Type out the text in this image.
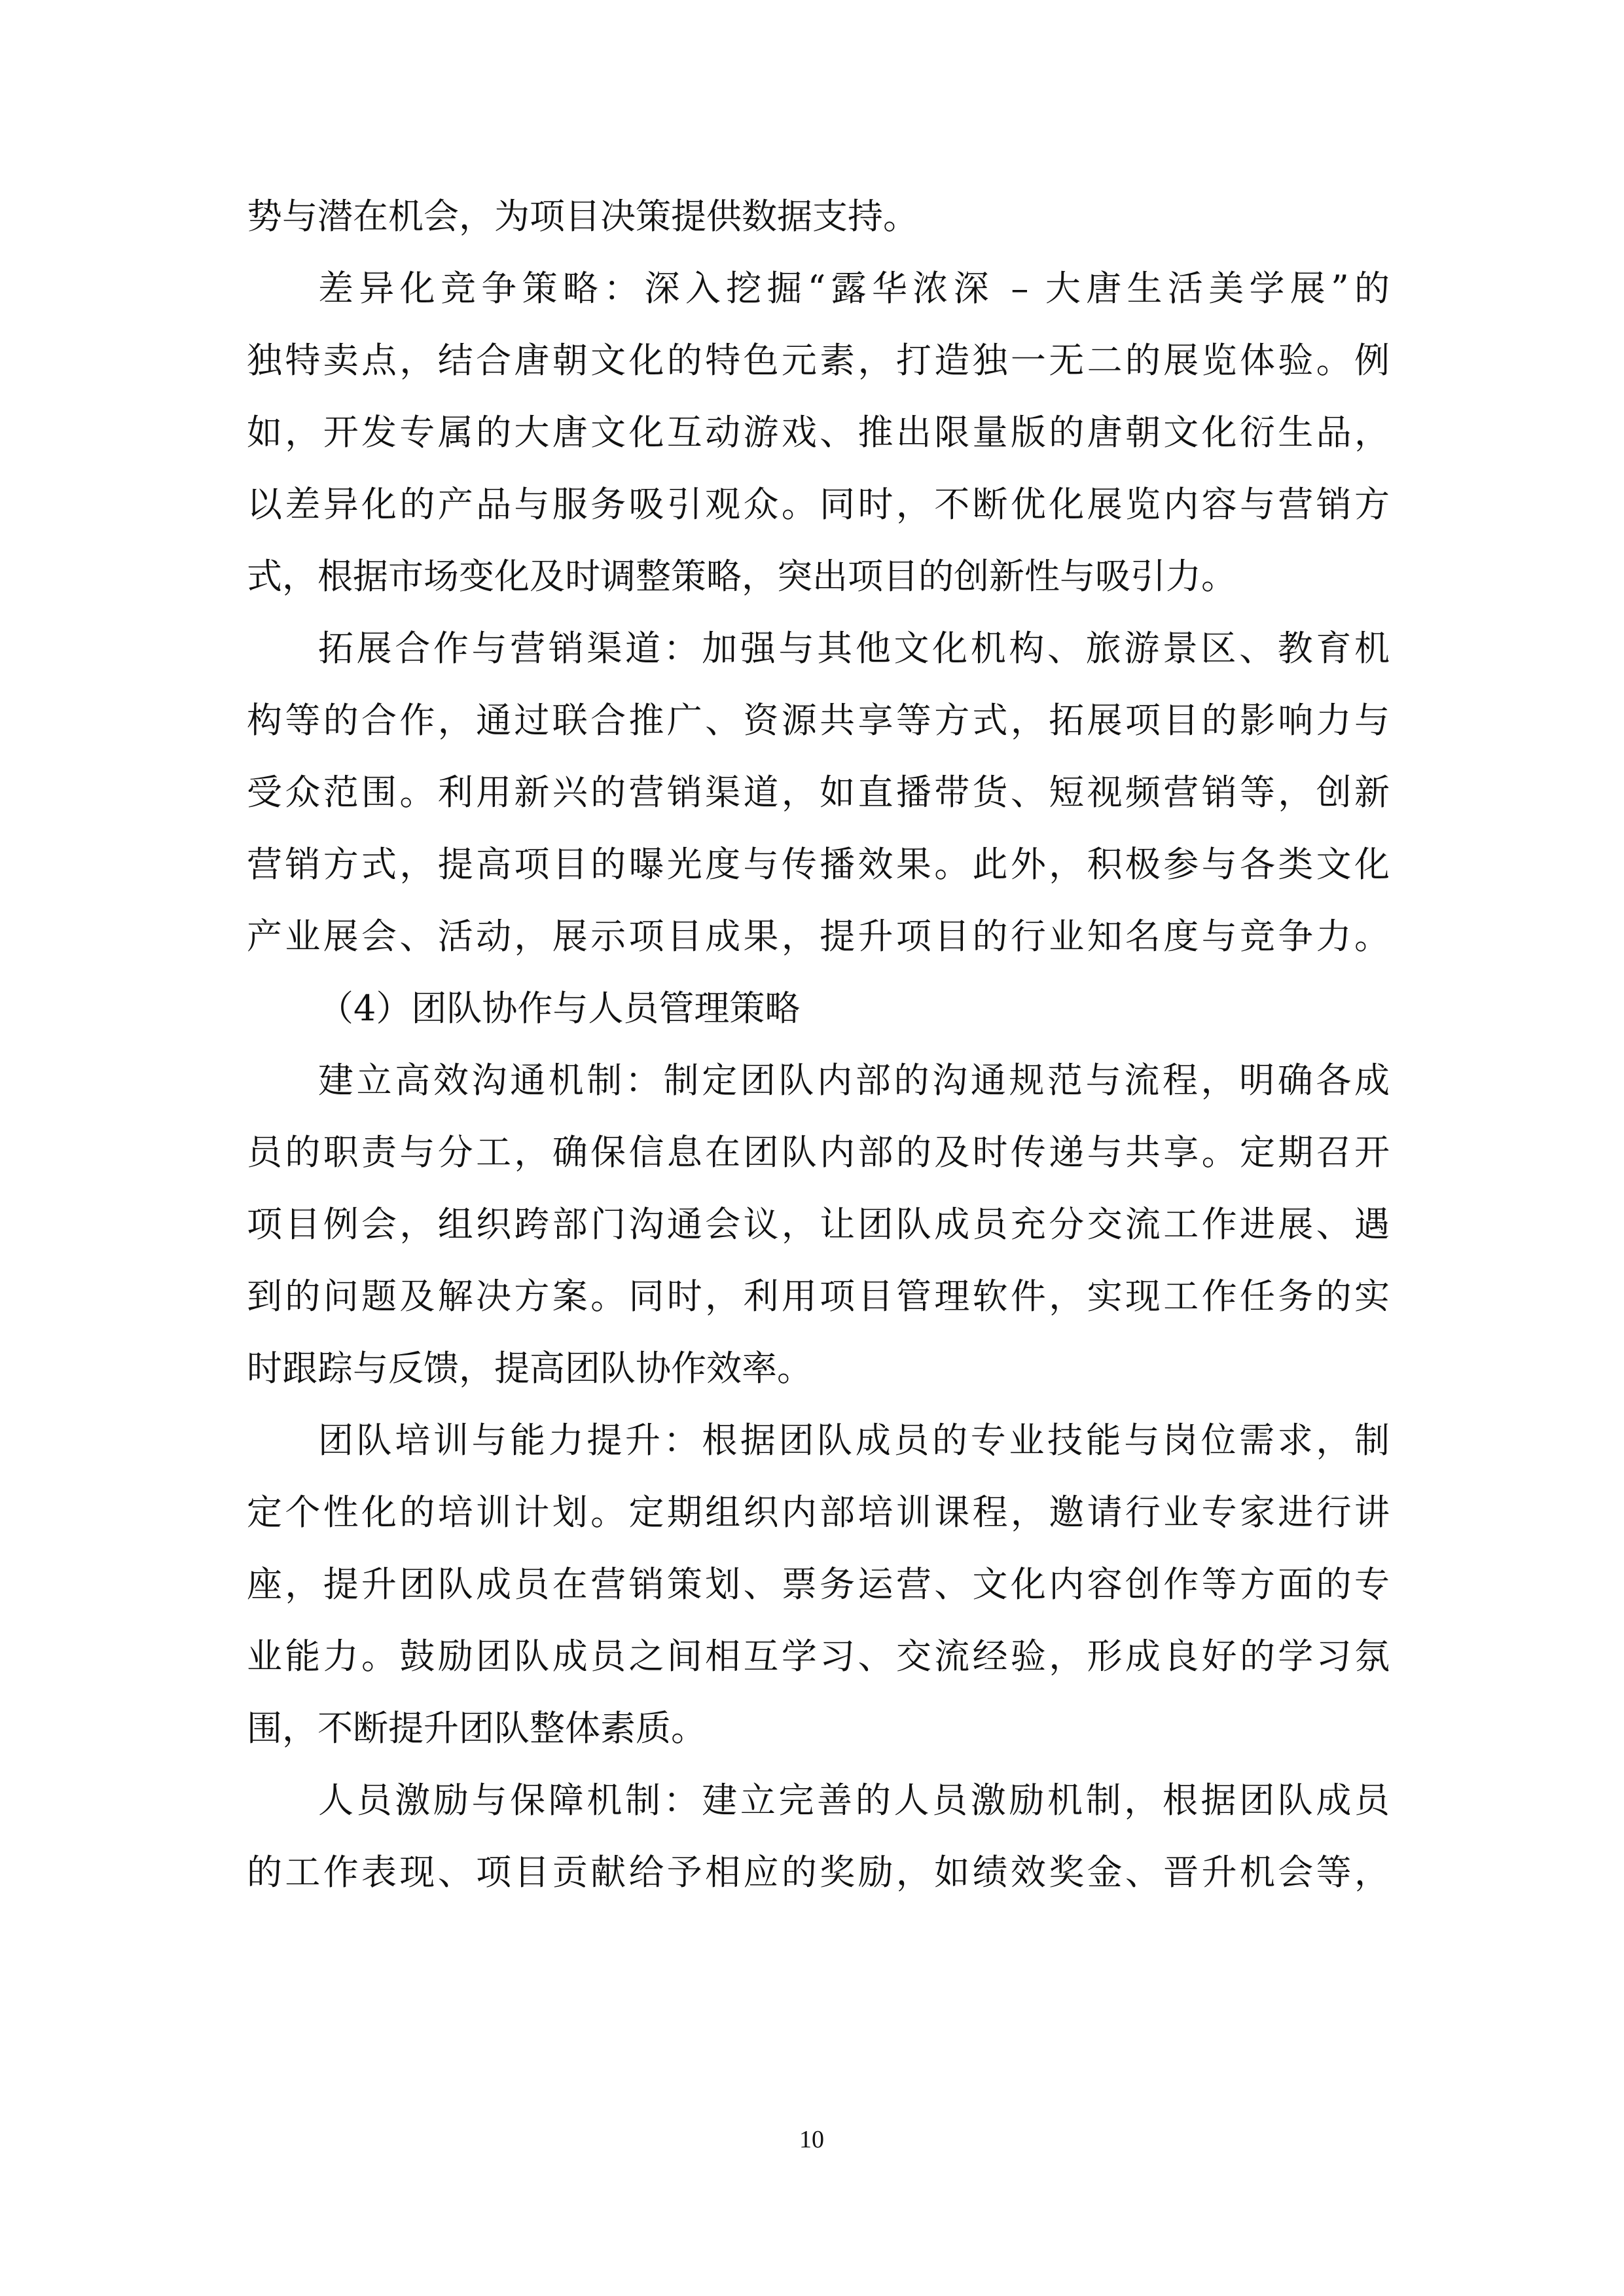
势与潜在机会，为项目决策提供数据支持。
差异化竞争策略：深入挖掘“露华浓深 – 大唐生活美学展”的
独特卖点，结合唐朝文化的特色元素，打造独一无二的展览体验。例
如，开发专属的大唐文化互动游戏、推出限量版的唐朝文化衍生品，
以差异化的产品与服务吸引观众。同时，不断优化展览内容与营销方
式，根据市场变化及时调整策略，突出项目的创新性与吸引力。
拓展合作与营销渠道：加强与其他文化机构、旅游景区、教育机
构等的合作，通过联合推广、资源共享等方式，拓展项目的影响力与
受众范围。利用新兴的营销渠道，如直播带货、短视频营销等，创新
营销方式，提高项目的曝光度与传播效果。此外，积极参与各类文化
产业展会、活动，展示项目成果，提升项目的行业知名度与竞争力。
（4）团队协作与人员管理策略
建立高效沟通机制：制定团队内部的沟通规范与流程，明确各成
员的职责与分工，确保信息在团队内部的及时传递与共享。定期召开
项目例会，组织跨部门沟通会议，让团队成员充分交流工作进展、遇
到的问题及解决方案。同时，利用项目管理软件，实现工作任务的实
时跟踪与反馈，提高团队协作效率。
团队培训与能力提升：根据团队成员的专业技能与岗位需求，制
定个性化的培训计划。定期组织内部培训课程，邀请行业专家进行讲
座，提升团队成员在营销策划、票务运营、文化内容创作等方面的专
业能力。鼓励团队成员之间相互学习、交流经验，形成良好的学习氛
围，不断提升团队整体素质。
人员激励与保障机制：建立完善的人员激励机制，根据团队成员
的工作表现、项目贡献给予相应的奖励，如绩效奖金、晋升机会等，
10
